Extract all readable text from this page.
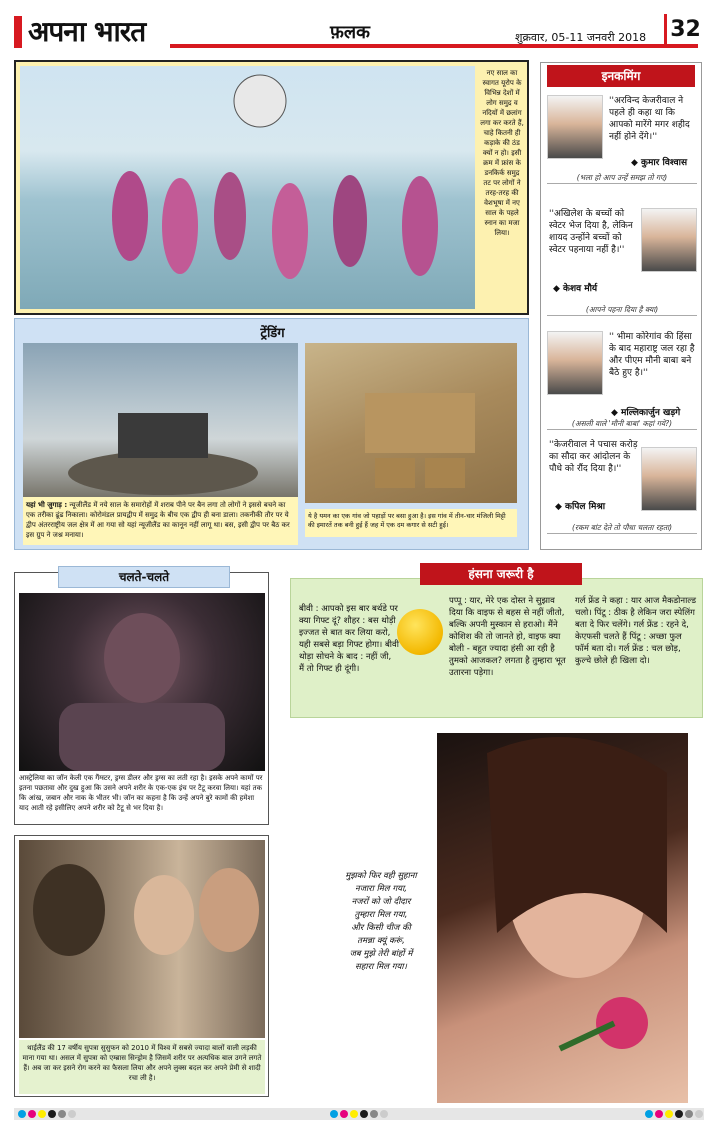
अपना भारत	फ़लक	शुक्रवार, 05-11 जनवरी 2018 32
नए साल का स्वागत यूरोप के विभिन्न देशों में लोग समुद्र व नदियों में छलांग लगा कर करते हैं, चाहे कितनी ही कड़ाके की ठंड क्यों न हो। इसी क्रम में फ्रांस के डनकिर्क समुद्र तट पर लोगों ने तरह-तरह की वेशभूषा में नए साल के पहले स्नान का मजा लिया।
ट्रेंडिंग
यहां भी जुगाड़ : न्यूजीलैंड में नये साल के समारोहों में शराब पीने पर बैन लगा तो लोगों ने इससे बचने का एक तरीका ढूंढ निकाला। कोरोमंडल प्रायद्वीप में समुद्र के बीच एक द्वीप ही बना डाला। तकनीकी तौर पर ये द्वीप अंतरराष्ट्रीय जल क्षेत्र में आ गया सो यहां न्यूजीलैंड का कानून नहीं लागू था। बस, इसी द्वीप पर बैठ कर इस ग्रुप ने जश्न मनाया।
ये है यमन का एक गांव जो पहाड़ों पर बसा हुआ है। इस गांव में तीन-चार मंजिली मिट्टी की इमारतें तक बनी हुई हैं जह में एक दम कगार से सटी हुई।
इनकमिंग
''अरविन्द केजरीवाल ने पहले ही कहा था कि आपको मारेंगे मगर शहीद नहीं होने देंगे।''
◆ कुमार विश्वास
(भला हो आप उन्हें समझ तो गए)
''अखिलेश के बच्चों को स्वेटर भेज दिया है, लेकिन शायद उन्होंने बच्चों को स्वेटर पहनाया नहीं है।''
◆ केशव मौर्य
(आपने पहना दिया है क्या)
'' भीमा कोरेगांव की हिंसा के बाद महाराष्ट्र जल रहा है और पीएम मौनी बाबा बने बैठे हुए है।''
◆ मल्लिकार्जुन खड़गे
(असली वाले 'मौनी बाबा' कहां गये?)
''केजरीवाल ने पचास करोड़ का सौदा कर आंदोलन के पौधे को रौंद दिया है।''
◆ कपिल मिश्रा
(रकम बांट देते तो पौधा चलता रहता)
आस्ट्रेलिया का जॉन केली एक गैंग्स्टर, ड्रग्स डीलर और ड्रग्स का लती रहा है। इसके अपने कामों पर इतना पछतावा और दुख हुआ कि उसने अपने शरीर के एक-एक इंच पर टैटू करवा लिया। यहां तक कि आंख, जबान और नाक के भीतर भी। जॉन का कहना है कि उन्हें अपने बुरे कामों की हमेशा याद आती रहे इसीलिए अपने शरीर को टैटू से भर दिया है।
चलते-चलते
बीवी : आपको इस बार बर्थडे पर क्या गिफ्ट दूं? शौहर : बस थोड़ी इज्जत से बात कर लिया करो, यही सबसे बड़ा गिफ्ट होगा। बीवी थोड़ा सोचने के बाद : नहीं जी, मैं तो गिफ्ट ही दूंगी।
पप्पू : यार, मेरे एक दोस्त ने सुझाव दिया कि वाइफ से बहस से नहीं जीतो, बल्कि अपनी मुस्कान से हराओ। मैंने कोशिश की तो जानते हो, वाइफ क्या बोली - बहुत ज्यादा हंसी आ रही है तुमको आजकल? लगता है तुम्हारा भूत उतारना पड़ेगा।
गर्ल फ्रेंड ने कहा : यार आज मैकडोनाल्ड चलो। पिंटू : ठीक है लेकिन जरा स्पेलिंग बता दे फिर चलेंगे। गर्ल फ्रेंड : रहने दे, केएफसी चलते हैं पिंटू : अच्छा फुल फॉर्म बता दो। गर्ल फ्रेंड : चल छोड़, कुल्चे छोले ही खिला दो।
हंसना जरूरी है
थाईलैंड की 17 वर्षीय सुपत्रा सुसुफन को 2010 में विश्व में सबसे ज्यादा बालों वाली लड़की माना गया था। असल में सुपत्रा को एम्ब्रास सिन्ड्रोम है जिसमें शरीर पर अत्यधिक बाल उगने लगते हैं। अब जा कर इसने रोग करने का फैसला लिया और अपने लुक्स बदल कर अपने प्रेमी से शादी रचा ली है।
मुझको फिर वही सुहाना
नजारा मिल गया,
नजरों को जो दीदार
तुम्हारा मिल गया,
और किसी चीज की
तमन्ना क्यूं करूं,
जब मुझे तेरी बांहों में
सहारा मिल गया।
